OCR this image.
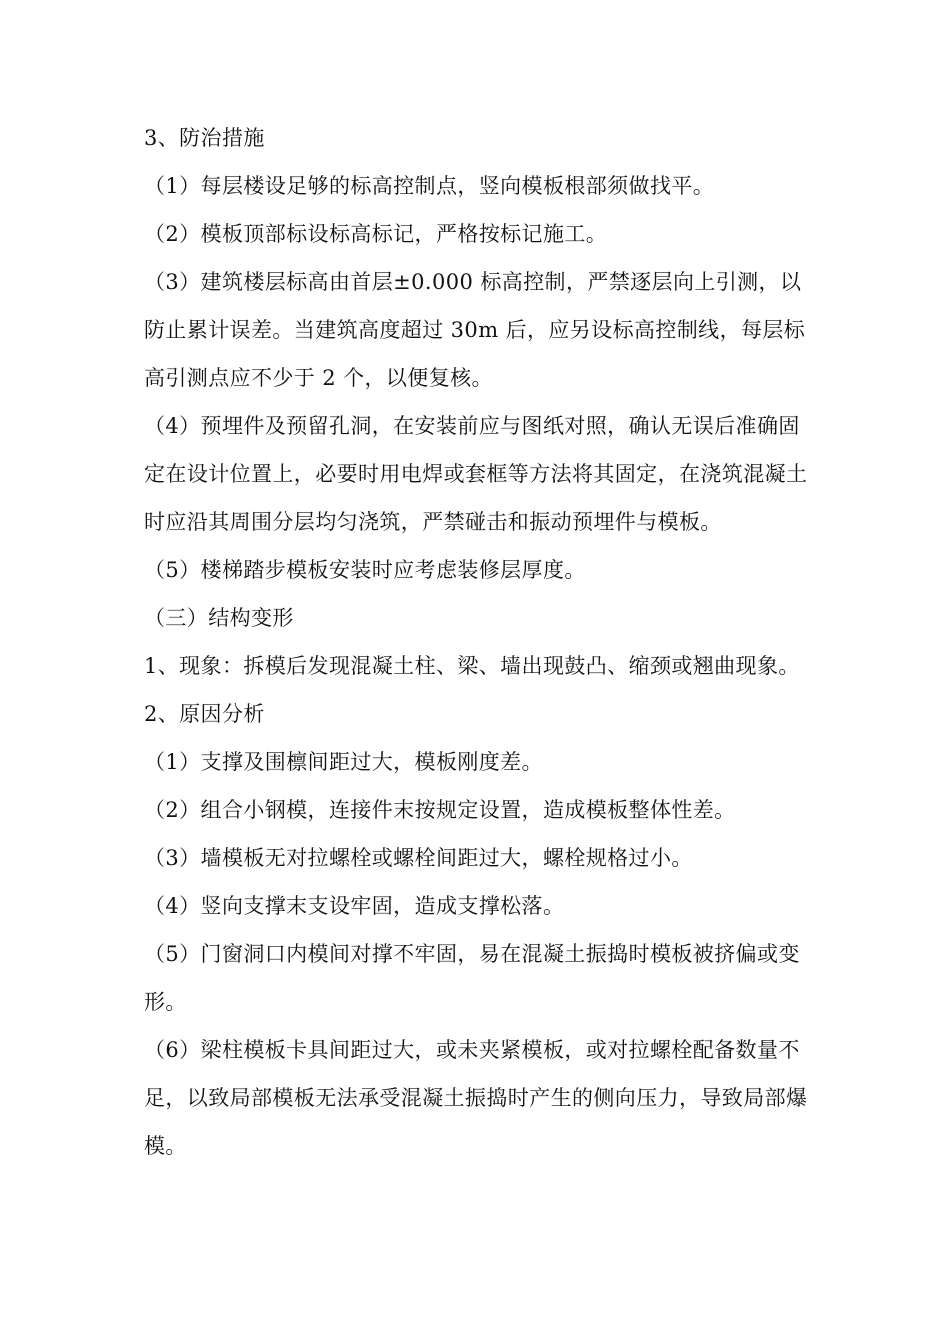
3、防治措施

（1）每层楼设足够的标高控制点，竖向模板根部须做找平。

（2）模板顶部标设标高标记，严格按标记施工。

（3）建筑楼层标高由首层±0.000 标高控制，严禁逐层向上引测，以防止累计误差。当建筑高度超过 30m 后，应另设标高控制线，每层标高引测点应不少于 2 个，以便复核。

（4）预埋件及预留孔洞，在安装前应与图纸对照，确认无误后准确固定在设计位置上，必要时用电焊或套框等方法将其固定，在浇筑混凝土时应沿其周围分层均匀浇筑，严禁碰击和振动预埋件与模板。

（5）楼梯踏步模板安装时应考虑装修层厚度。

（三）结构变形

1、现象：拆模后发现混凝土柱、梁、墙出现鼓凸、缩颈或翘曲现象。

2、原因分析

（1）支撑及围檩间距过大，模板刚度差。

（2）组合小钢模，连接件末按规定设置，造成模板整体性差。

（3）墙模板无对拉螺栓或螺栓间距过大，螺栓规格过小。

（4）竖向支撑末支设牢固，造成支撑松落。

（5）门窗洞口内模间对撑不牢固，易在混凝土振捣时模板被挤偏或变形。

（6）梁柱模板卡具间距过大，或未夹紧模板，或对拉螺栓配备数量不足，以致局部模板无法承受混凝土振捣时产生的侧向压力，导致局部爆模。
